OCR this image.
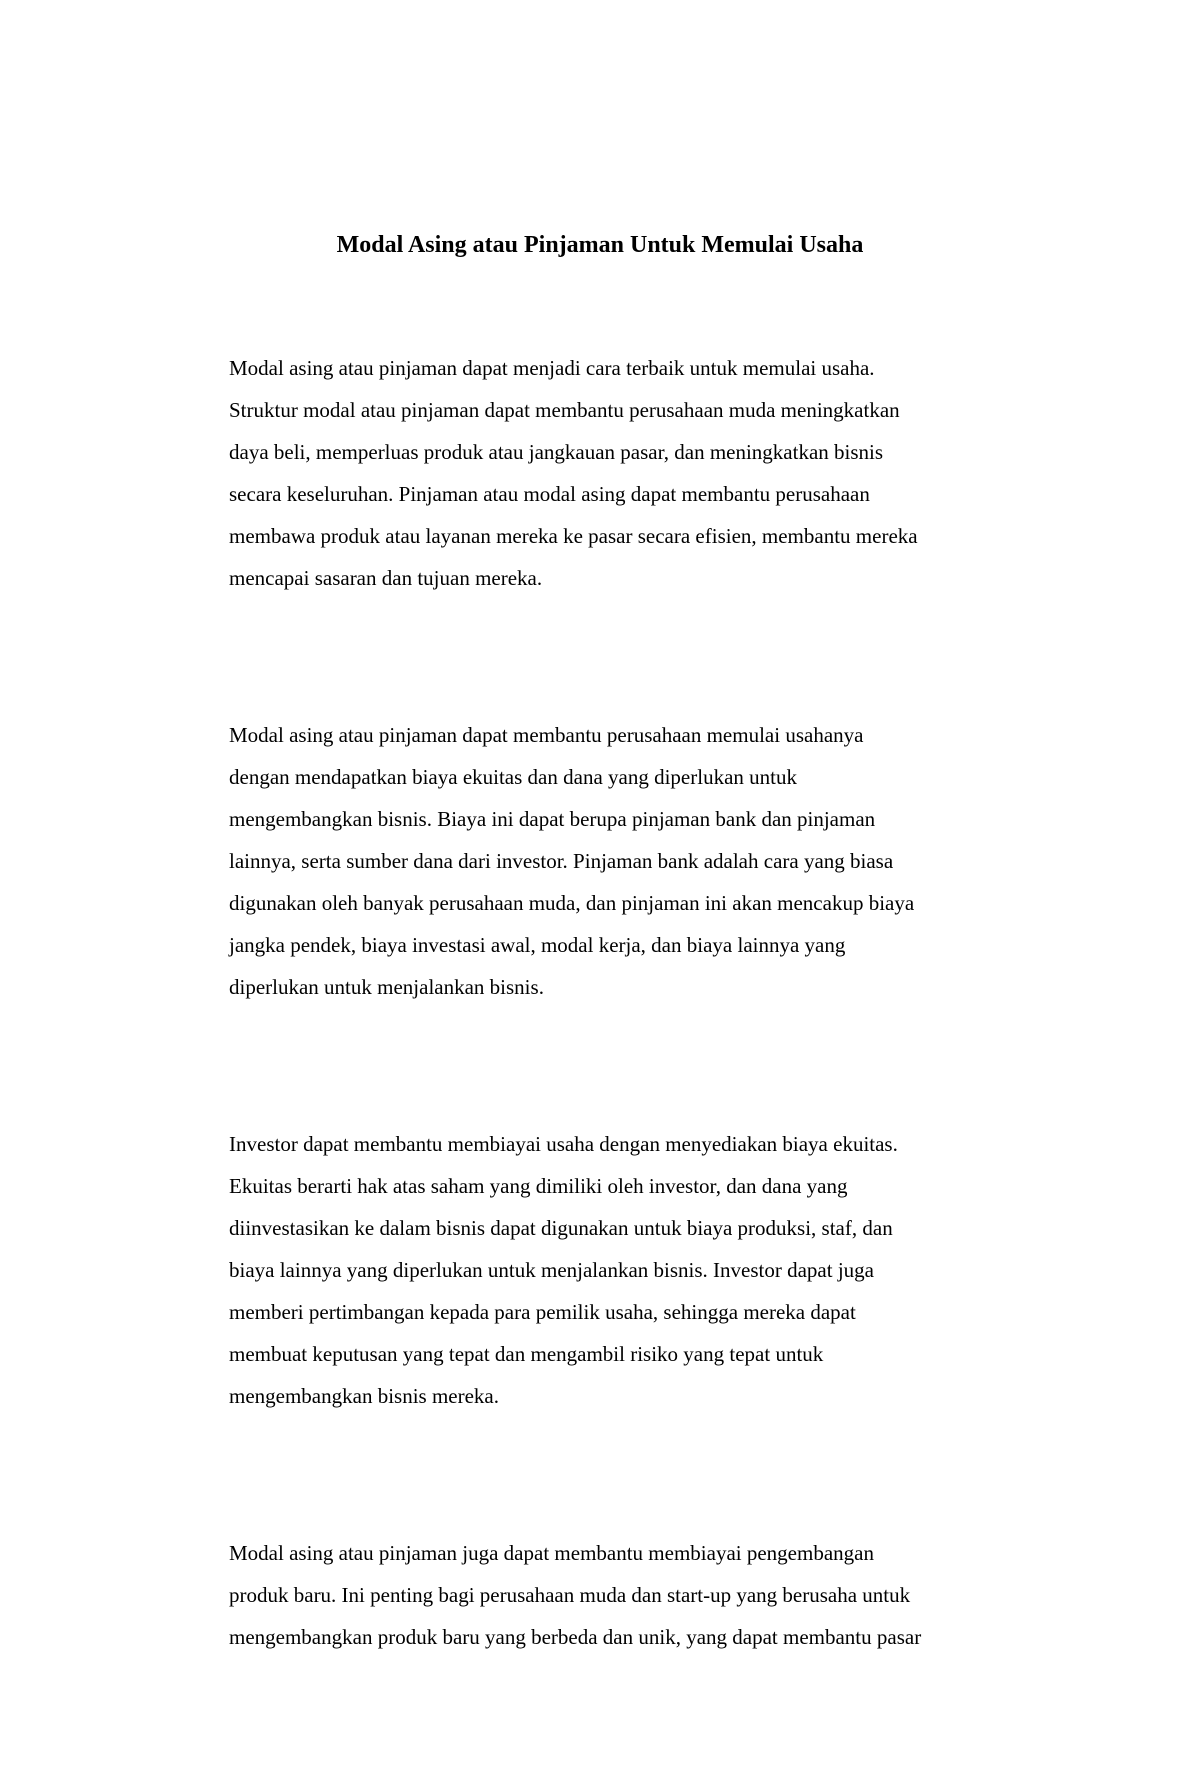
Modal Asing atau Pinjaman Untuk Memulai Usaha

Modal asing atau pinjaman dapat menjadi cara terbaik untuk memulai usaha.
Struktur modal atau pinjaman dapat membantu perusahaan muda meningkatkan
daya beli, memperluas produk atau jangkauan pasar, dan meningkatkan bisnis
secara keseluruhan. Pinjaman atau modal asing dapat membantu perusahaan
membawa produk atau layanan mereka ke pasar secara efisien, membantu mereka
mencapai sasaran dan tujuan mereka.

Modal asing atau pinjaman dapat membantu perusahaan memulai usahanya
dengan mendapatkan biaya ekuitas dan dana yang diperlukan untuk
mengembangkan bisnis. Biaya ini dapat berupa pinjaman bank dan pinjaman
lainnya, serta sumber dana dari investor. Pinjaman bank adalah cara yang biasa
digunakan oleh banyak perusahaan muda, dan pinjaman ini akan mencakup biaya
jangka pendek, biaya investasi awal, modal kerja, dan biaya lainnya yang
diperlukan untuk menjalankan bisnis.

Investor dapat membantu membiayai usaha dengan menyediakan biaya ekuitas.
Ekuitas berarti hak atas saham yang dimiliki oleh investor, dan dana yang
diinvestasikan ke dalam bisnis dapat digunakan untuk biaya produksi, staf, dan
biaya lainnya yang diperlukan untuk menjalankan bisnis. Investor dapat juga
memberi pertimbangan kepada para pemilik usaha, sehingga mereka dapat
membuat keputusan yang tepat dan mengambil risiko yang tepat untuk
mengembangkan bisnis mereka.

Modal asing atau pinjaman juga dapat membantu membiayai pengembangan
produk baru. Ini penting bagi perusahaan muda dan start-up yang berusaha untuk
mengembangkan produk baru yang berbeda dan unik, yang dapat membantu pasar
